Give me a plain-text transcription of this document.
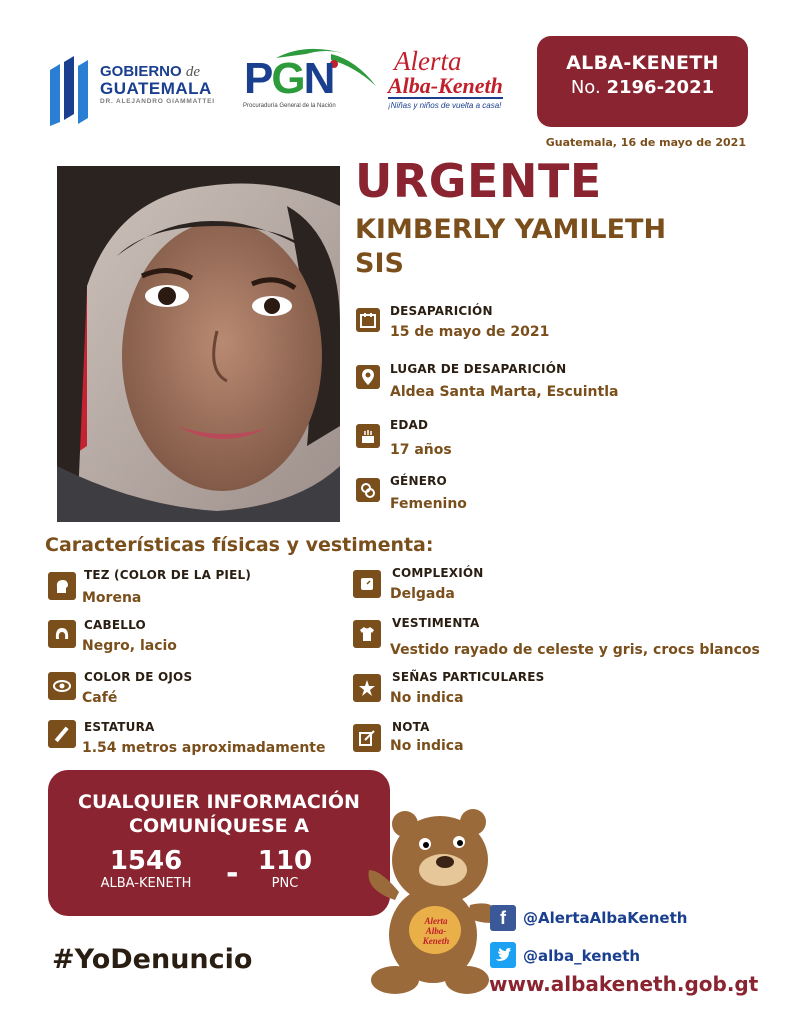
GOBIERNO de
GUATEMALA
DR. ALEJANDRO GIAMMATTEI PGN
Procuraduría General de la Nación
Alerta
Alba-Keneth
¡Niñas y niños de vuelta a casa!
ALBA-KENETH
No. 2196-2021
Guatemala, 16 de mayo de 2021
URGENTE
KIMBERLY YAMILETH
SIS
DESAPARICIÓN
15 de mayo de 2021
LUGAR DE DESAPARICIÓN
Aldea Santa Marta, Escuintla
EDAD
17 años
GÉNERO
Femenino
Características físicas y vestimenta:
TEZ (COLOR DE LA PIEL)
Morena
CABELLO
Negro, lacio
COLOR DE OJOS
Café
ESTATURA
1.54 metros aproximadamente
COMPLEXIÓN
Delgada
VESTIMENTA
Vestido rayado de celeste y gris, crocs blancos
SEÑAS PARTICULARES
No indica
NOTA
No indica
CUALQUIER INFORMACIÓN
COMUNÍQUESE A
1546
ALBA-KENETH - 110
PNC
Alerta
Alba-Keneth
#YoDenuncio
f	@AlertaAlbaKeneth
@alba_keneth
www.albakeneth.gob.gt
